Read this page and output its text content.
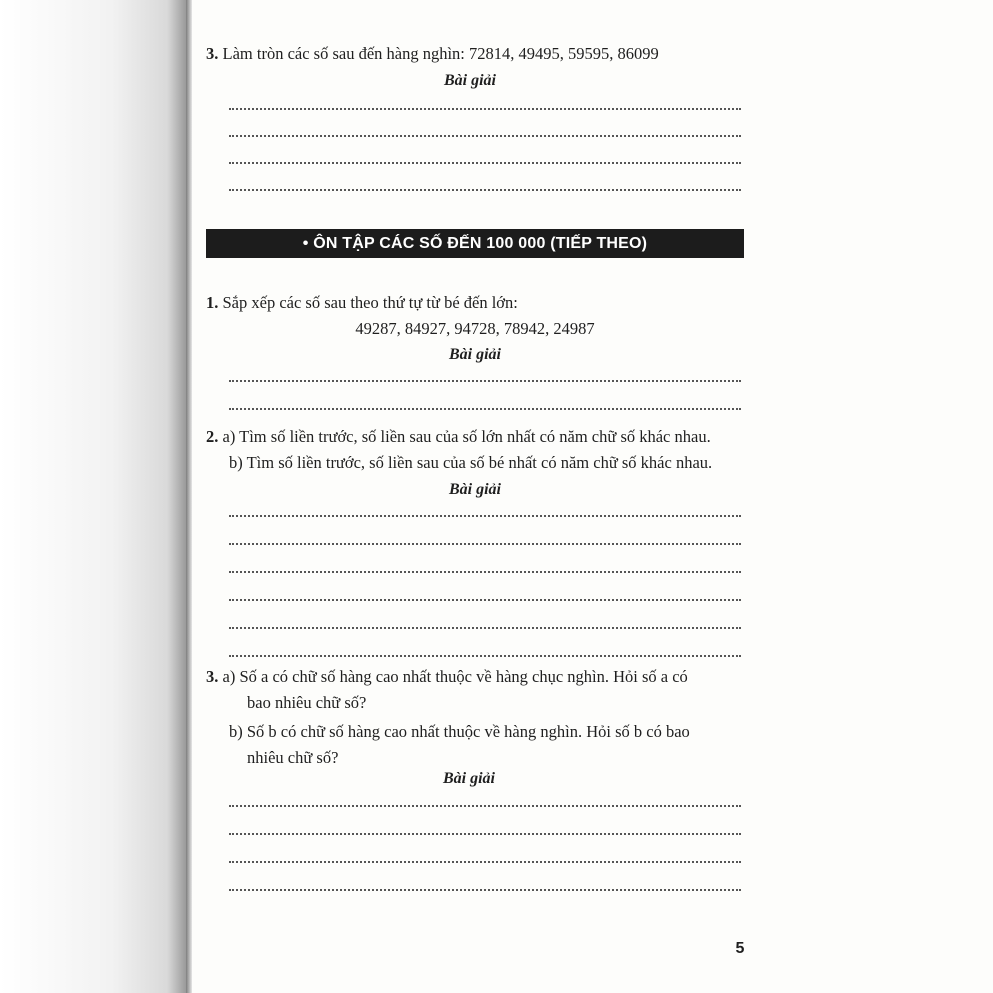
3. Làm tròn các số sau đến hàng nghìn: 72814, 49495, 59595, 86099
Bài giải
• ÔN TẬP CÁC SỐ ĐẾN 100 000 (TIẾP THEO)
1. Sắp xếp các số sau theo thứ tự từ bé đến lớn:
49287, 84927, 94728, 78942, 24987
Bài giải
2. a) Tìm số liền trước, số liền sau của số lớn nhất có năm chữ số khác nhau.
b) Tìm số liền trước, số liền sau của số bé nhất có năm chữ số khác nhau.
Bài giải
3. a) Số a có chữ số hàng cao nhất thuộc về hàng chục nghìn. Hỏi số a có
bao nhiêu chữ số?
b) Số b có chữ số hàng cao nhất thuộc về hàng nghìn. Hỏi số b có bao
nhiêu chữ số?
Bài giải
5
